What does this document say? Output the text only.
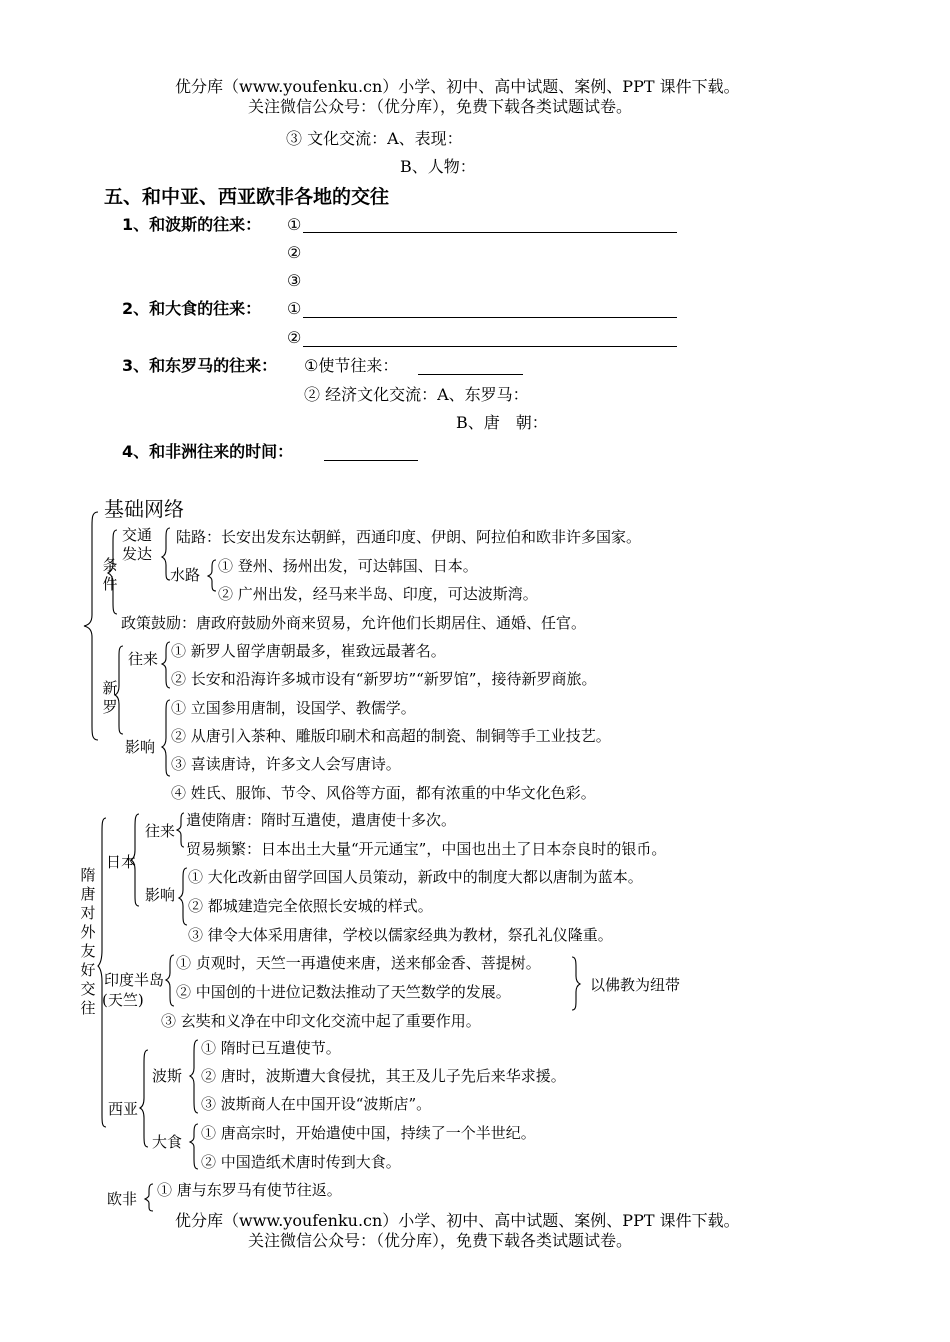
优分库（www.youfenku.cn）小学、初中、高中试题、案例、PPT 课件下载。
关注微信公众号：（优分库），免费下载各类试题试卷。
③ 文化交流：A、表现：
B、人物：
五、和中亚、西亚欧非各地的交往
1、和波斯的往来： ①
②
③
2、和大食的往来： ①
②
3、和东罗马的往来： ①使节往来：
② 经济文化交流：A、东罗马：
B、唐　朝：
4、和非洲往来的时间：
基础网络
条件
交通发达
陆路：长安出发东达朝鲜，西通印度、伊朗、阿拉伯和欧非许多国家。
水路 ① 登州、扬州出发，可达韩国、日本。
② 广州出发，经马来半岛、印度，可达波斯湾。
政策鼓励：唐政府鼓励外商来贸易，允许他们长期居住、通婚、任官。
新罗
往来 ① 新罗人留学唐朝最多，崔致远最著名。
② 长安和沿海许多城市设有“新罗坊”“新罗馆”，接待新罗商旅。
影响
① 立国参用唐制，设国学、教儒学。
② 从唐引入茶种、雕版印刷术和高超的制瓷、制铜等手工业技艺。
③ 喜读唐诗，许多文人会写唐诗。
④ 姓氏、服饰、节令、风俗等方面，都有浓重的中华文化色彩。
隋唐对外友好交往
日本
往来
遣使隋唐：隋时互遣使，遣唐使十多次。
贸易频繁：日本出土大量“开元通宝”，中国也出土了日本奈良时的银币。
影响
① 大化改新由留学回国人员策动，新政中的制度大都以唐制为蓝本。
② 都城建造完全依照长安城的样式。
③ 律令大体采用唐律，学校以儒家经典为教材，祭孔礼仪隆重。
印度半岛
(天竺)
① 贞观时，天竺一再遣使来唐，送来郁金香、菩提树。
② 中国创的十进位记数法推动了天竺数学的发展。
③ 玄奘和义净在中印文化交流中起了重要作用。
以佛教为纽带
西亚
波斯
① 隋时已互遣使节。
② 唐时，波斯遭大食侵扰，其王及儿子先后来华求援。
③ 波斯商人在中国开设“波斯店”。
大食 ① 唐高宗时，开始遣使中国，持续了一个半世纪。
② 中国造纸术唐时传到大食。
欧非 ① 唐与东罗马有使节往返。
优分库（www.youfenku.cn）小学、初中、高中试题、案例、PPT 课件下载。
关注微信公众号：（优分库），免费下载各类试题试卷。
